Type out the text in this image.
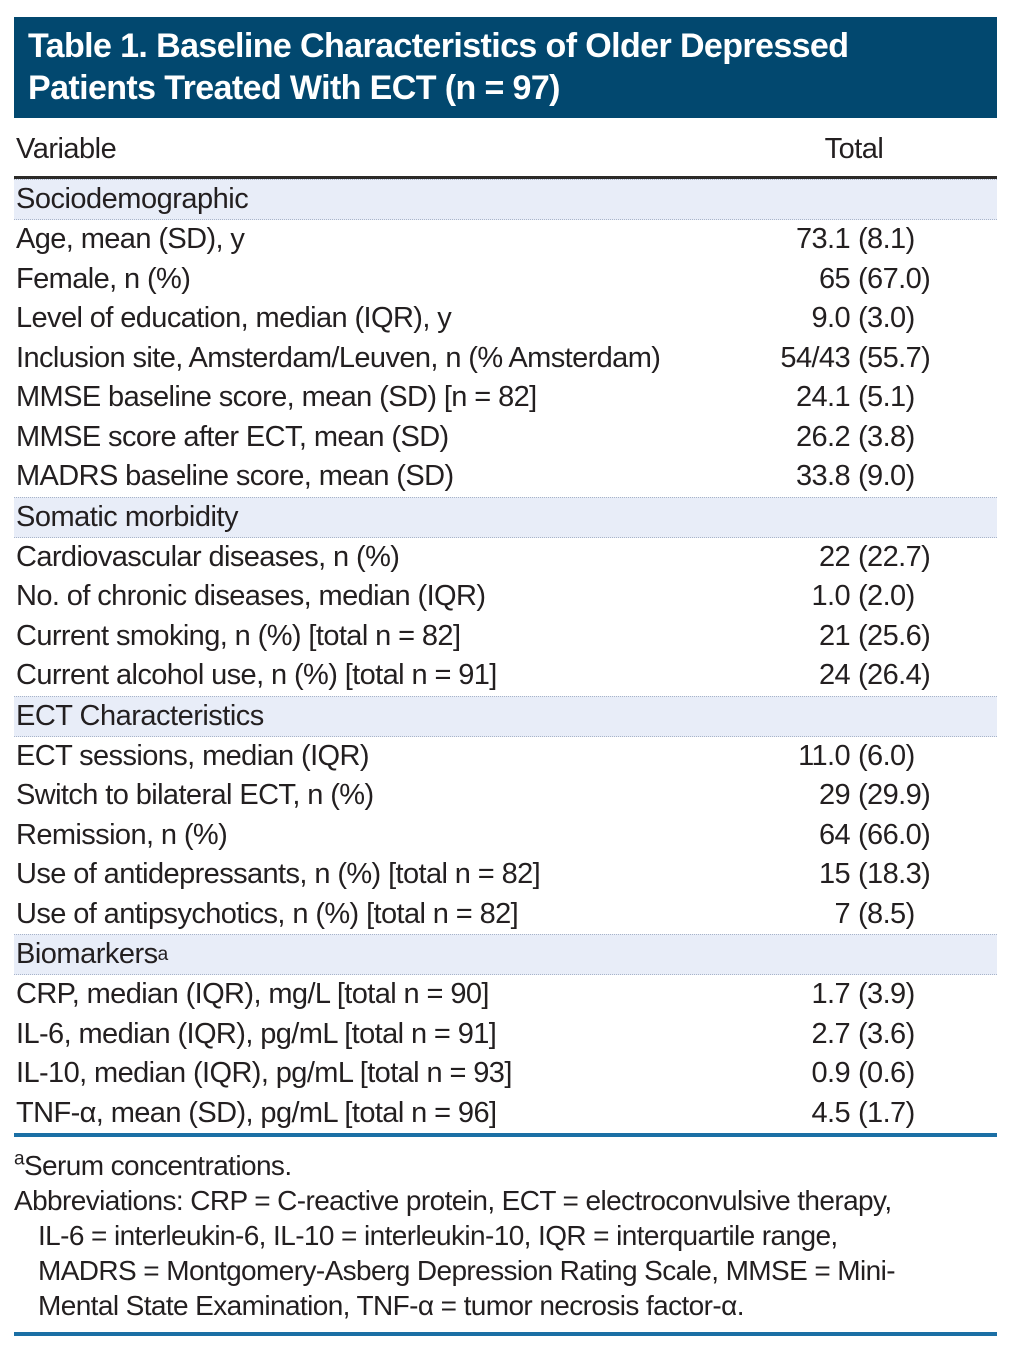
Table 1. Baseline Characteristics of Older Depressed
Patients Treated With ECT (n = 97)
Variable	Total
Sociodemographic
Age, mean (SD), y	73.1 (8.1)
Female, n (%)	65 (67.0)
Level of education, median (IQR), y	9.0 (3.0)
Inclusion site, Amsterdam/Leuven, n (% Amsterdam)	54/43 (55.7)
MMSE baseline score, mean (SD) [n = 82]	24.1 (5.1)
MMSE score after ECT, mean (SD)	26.2 (3.8)
MADRS baseline score, mean (SD)	33.8 (9.0)
Somatic morbidity
Cardiovascular diseases, n (%)	22 (22.7)
No. of chronic diseases, median (IQR)	1.0 (2.0)
Current smoking, n (%) [total n = 82]	21 (25.6)
Current alcohol use, n (%) [total n = 91]	24 (26.4)
ECT Characteristics
ECT sessions, median (IQR)	11.0 (6.0)
Switch to bilateral ECT, n (%)	29 (29.9)
Remission, n (%)	64 (66.0)
Use of antidepressants, n (%) [total n = 82]	15 (18.3)
Use of antipsychotics, n (%) [total n = 82]	7 (8.5)
Biomarkers a
CRP, median (IQR), mg/L [total n = 90]	1.7 (3.9)
IL-6, median (IQR), pg/mL [total n = 91]	2.7 (3.6)
IL-10, median (IQR), pg/mL [total n = 93]	0.9 (0.6)
TNF-α, mean (SD), pg/mL [total n = 96]	4.5 (1.7)
$^a$Serum concentrations.
Abbreviations: CRP = C-reactive protein, ECT = electroconvulsive therapy,
IL-6 = interleukin-6, IL-10 = interleukin-10, IQR = interquartile range,
MADRS = Montgomery-Asberg Depression Rating Scale, MMSE = Mini-
Mental State Examination, TNF-α = tumor necrosis factor-α.
